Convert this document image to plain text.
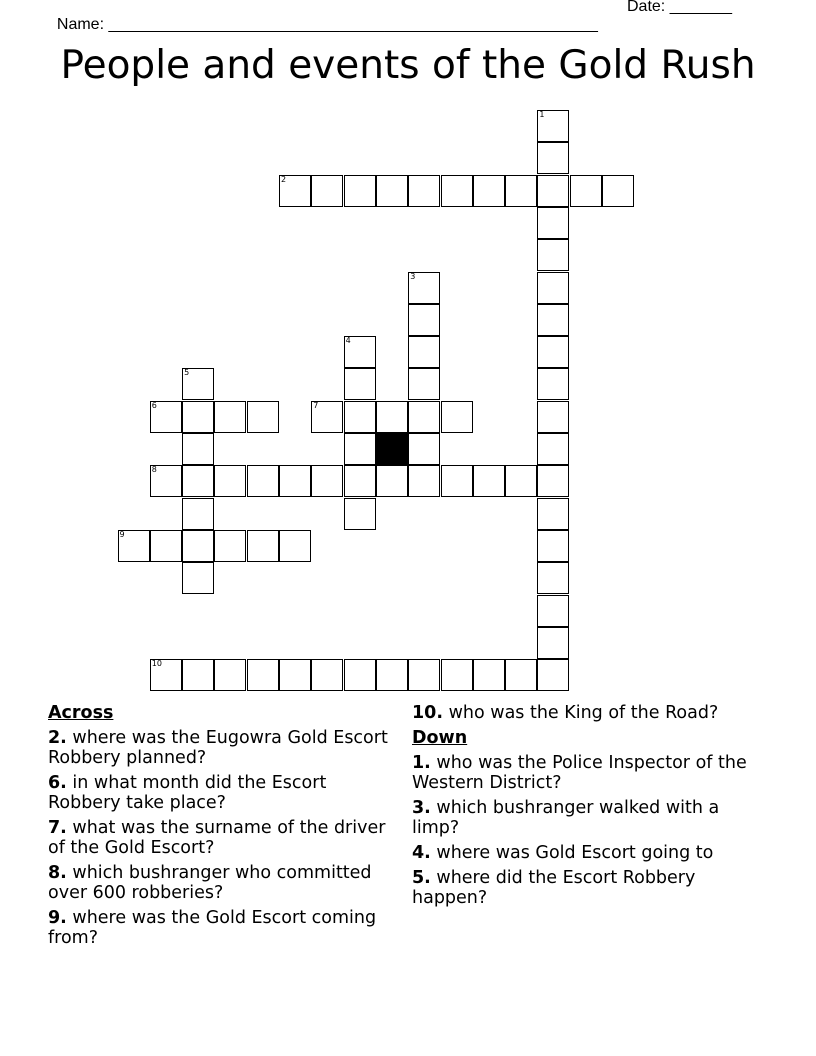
Name: _______________________________________________________

Date: _______

People and events of the Gold Rush
1
2
3
4
5
6	7
8
9
10
Across
2. where was the Eugowra Gold Escort Robbery planned?
6. in what month did the Escort Robbery take place?
7. what was the surname of the driver of the Gold Escort?
8. which bushranger who committed over 600 robberies?
9. where was the Gold Escort coming from?
10. who was the King of the Road?
Down
1. who was the Police Inspector of the Western District?
3. which bushranger walked with a limp?
4. where was Gold Escort going to
5. where did the Escort Robbery happen?
